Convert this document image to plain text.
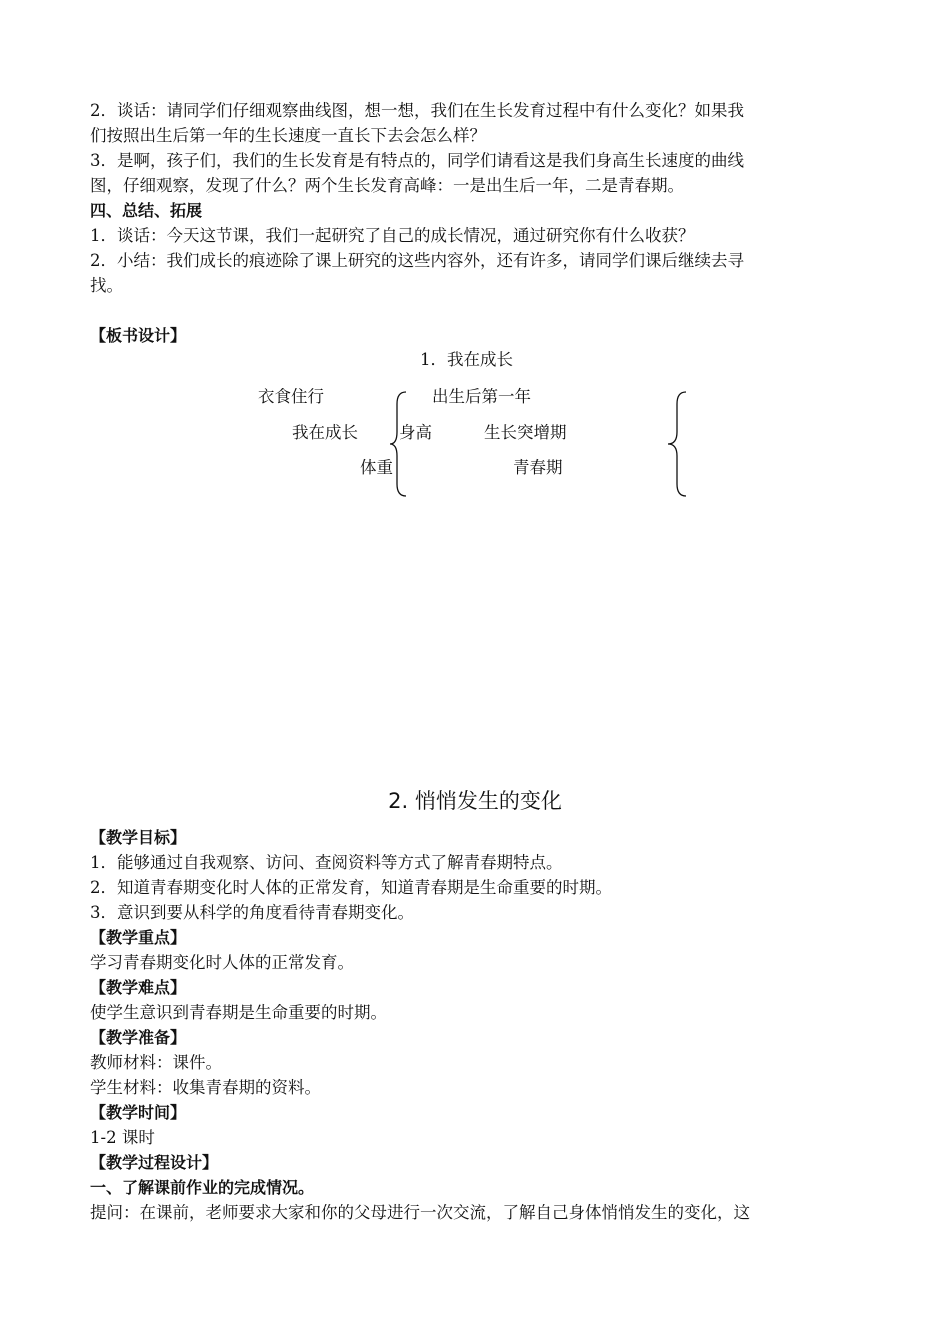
2．谈话：请同学们仔细观察曲线图，想一想，我们在生长发育过程中有什么变化？如果我
们按照出生后第一年的生长速度一直长下去会怎么样？
3．是啊，孩子们，我们的生长发育是有特点的，同学们请看这是我们身高生长速度的曲线
图，仔细观察，发现了什么？两个生长发育高峰：一是出生后一年，二是青春期。
四、总结、拓展
1．谈话：今天这节课，我们一起研究了自己的成长情况，通过研究你有什么收获？
2．小结：我们成长的痕迹除了课上研究的这些内容外，还有许多，请同学们课后继续去寻
找。
【板书设计】
1．我在成长
衣食住行
我在成长 身高
体重
出生后第一年
生长突增期
青春期
2. 悄悄发生的变化
【教学目标】
1．能够通过自我观察、访问、查阅资料等方式了解青春期特点。
2．知道青春期变化时人体的正常发育，知道青春期是生命重要的时期。
3．意识到要从科学的角度看待青春期变化。
【教学重点】
学习青春期变化时人体的正常发育。
【教学难点】
使学生意识到青春期是生命重要的时期。
【教学准备】
教师材料：课件。
学生材料：收集青春期的资料。
【教学时间】
1-2 课时
【教学过程设计】
一、了解课前作业的完成情况。
提问：在课前，老师要求大家和你的父母进行一次交流，了解自己身体悄悄发生的变化，这
